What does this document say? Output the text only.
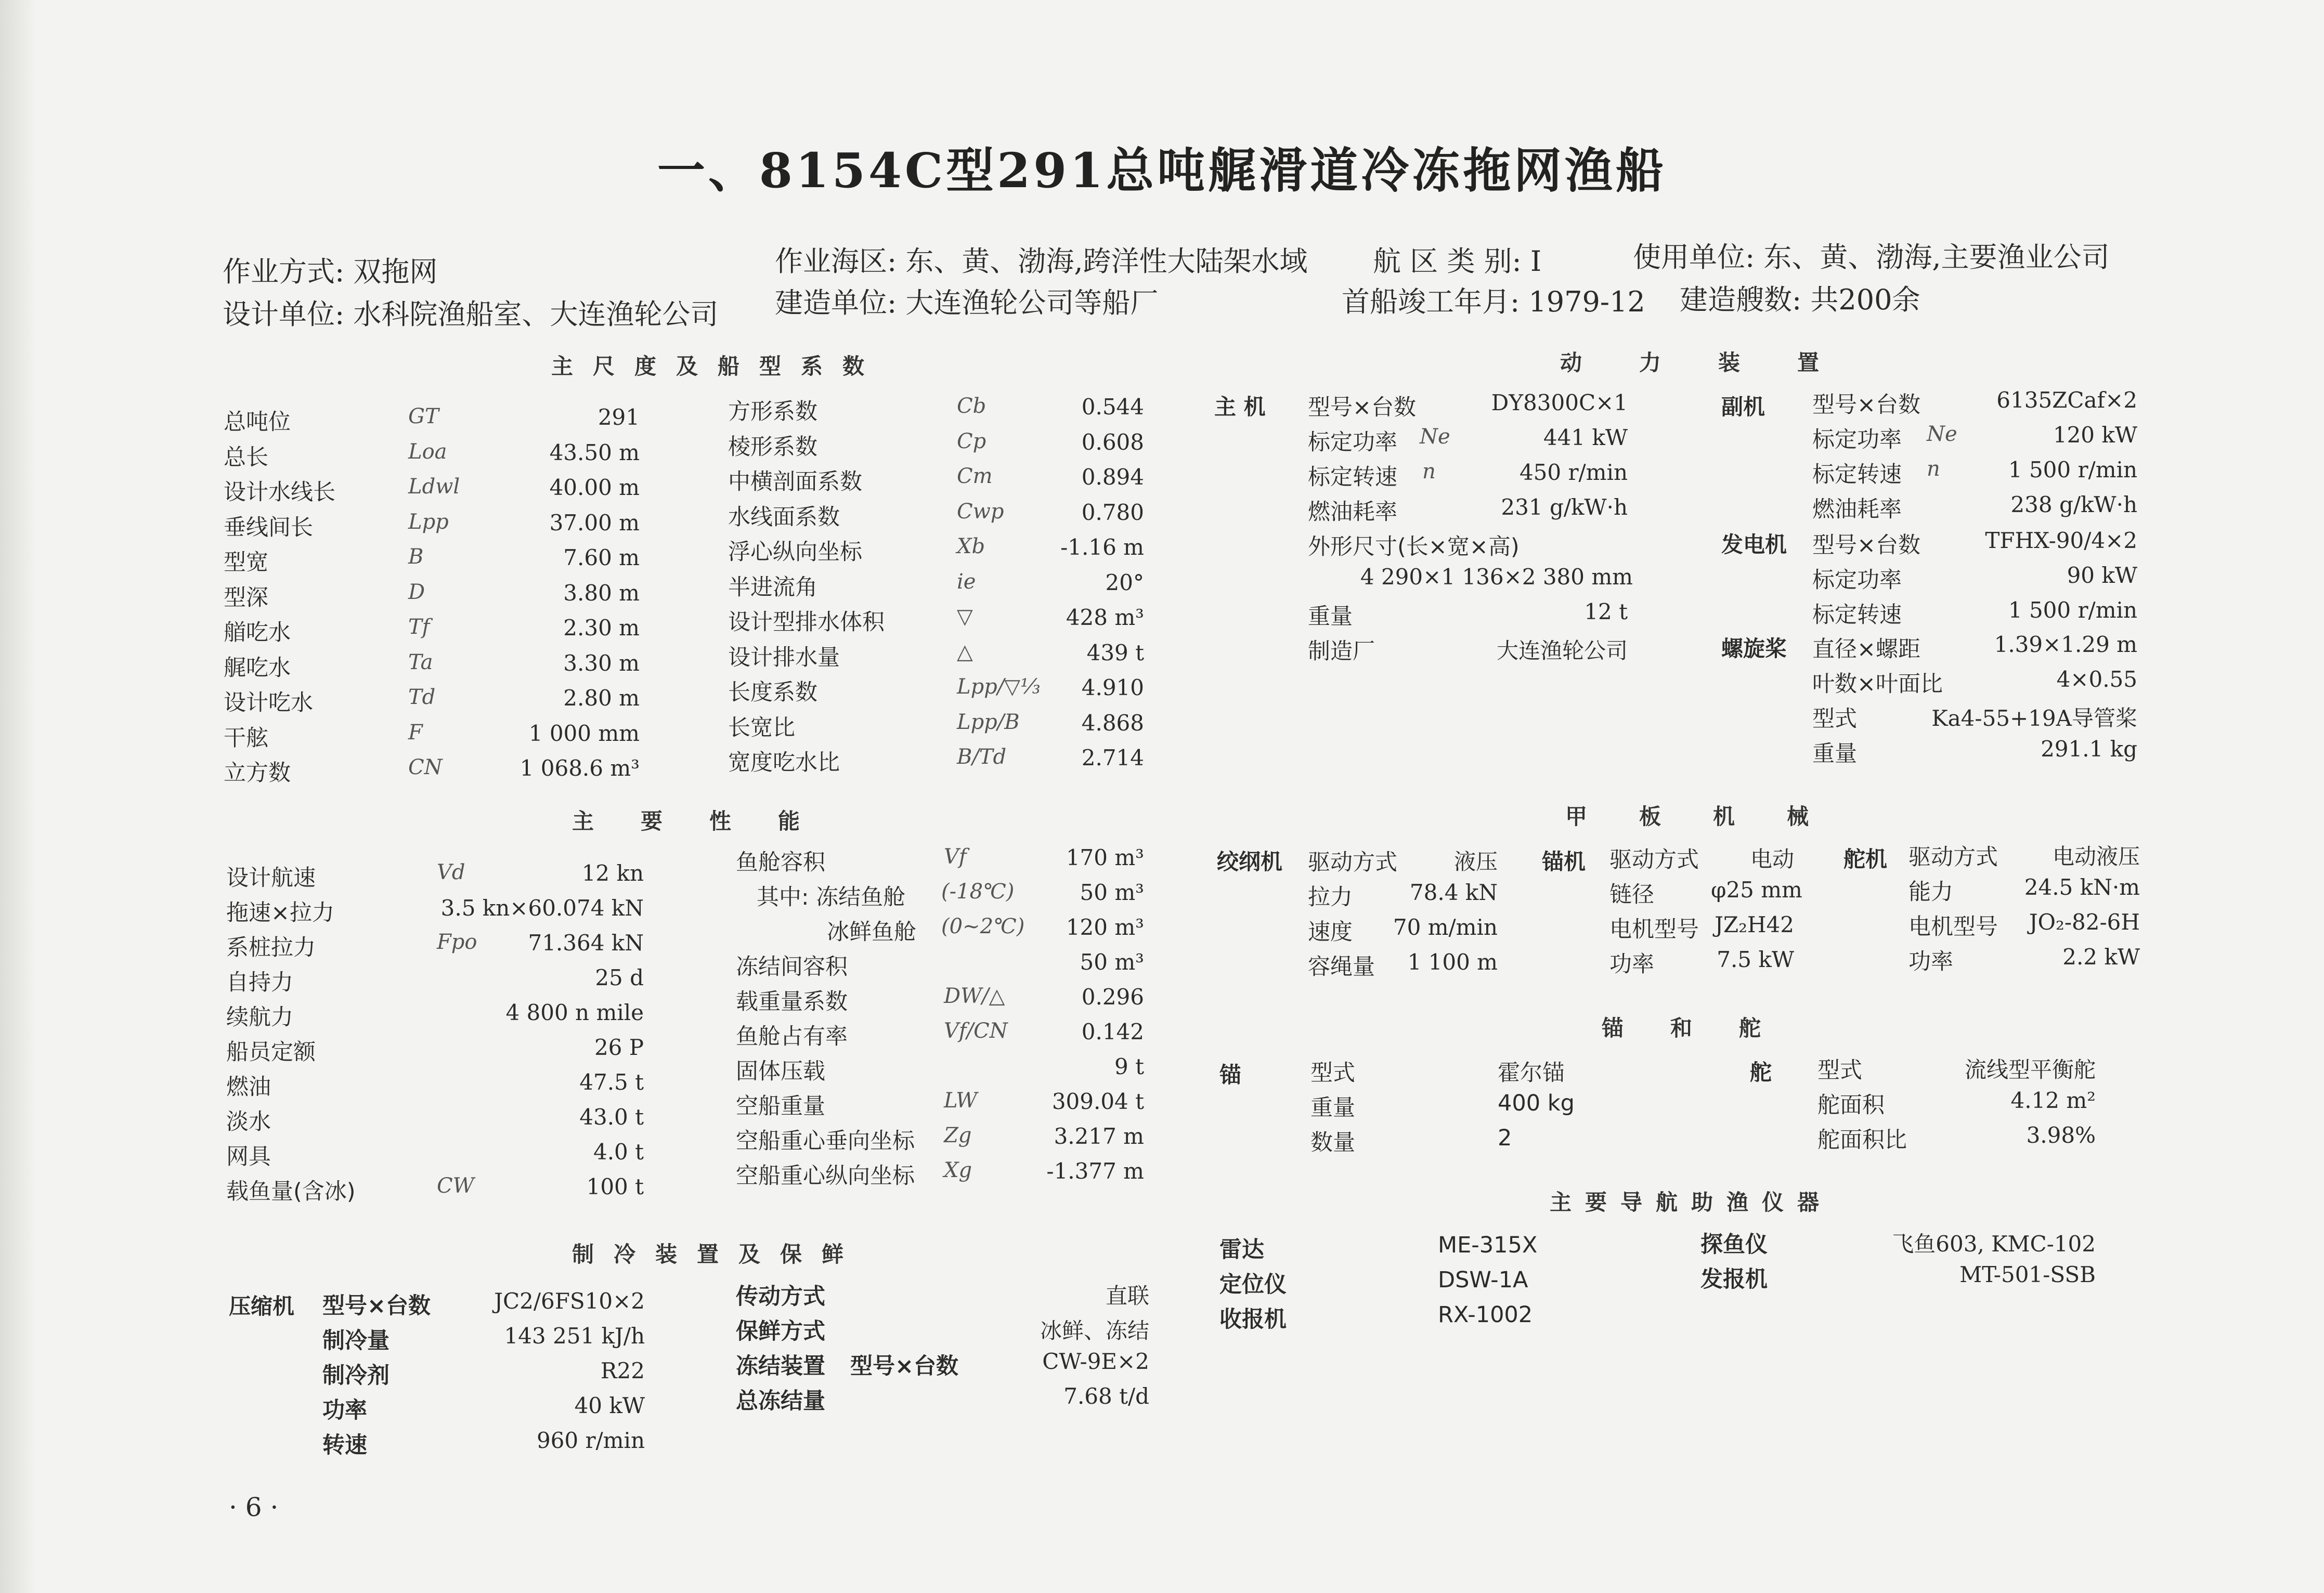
一、8154C型291总吨艉滑道冷冻拖网渔船
作业方式: 双拖网	作业海区: 东、黄、渤海,跨洋性大陆架水域 航 区 类 别: Ⅰ	使用单位: 东、黄、渤海,主要渔业公司
设计单位: 水科院渔船室、大连渔轮公司 建造单位: 大连渔轮公司等船厂	首船竣工年月: 1979-12 建造艘数: 共200余
主尺度及船型系数
主要性能
制冷装置及保鲜
动力装置
甲板机械
锚和舵
主要导航助渔仪器
总吨位	GT	291
总长	Loa	43.50 m
设计水线长	Ldwl	40.00 m
垂线间长	Lpp	37.00 m
型宽	B	7.60 m
型深	D	3.80 m
艏吃水	Tf	2.30 m
艉吃水	Ta	3.30 m
设计吃水	Td	2.80 m
干舷	F	1 000 mm
立方数	CN	1 068.6 m³
方形系数	Cb	0.544
棱形系数	Cp	0.608
中横剖面系数	Cm	0.894
水线面系数	Cwp	0.780
浮心纵向坐标	Xb	-1.16 m
半进流角	ie	20°
设计型排水体积	▽	428 m³
设计排水量	△	439 t
长度系数	Lpp/▽⅓	4.910
长宽比	Lpp/B	4.868
宽度吃水比	B/Td	2.714
设计航速	Vd	12 kn
拖速×拉力	3.5 kn×60.074 kN
系桩拉力	Fpo	71.364 kN
自持力	25 d
续航力	4 800 n mile
船员定额	26 P
燃油	47.5 t
淡水	43.0 t
网具	4.0 t
载鱼量(含冰)	CW	100 t
鱼舱容积	Vf	170 m³
其中: 冻结鱼舱 (-18℃)	50 m³
冰鲜鱼舱 (0~2℃)	120 m³
冻结间容积	50 m³
载重量系数	DW/△	0.296
鱼舱占有率	Vf/CN	0.142
固体压载	9 t
空船重量	LW	309.04 t
空船重心垂向坐标 Zg	3.217 m
空船重心纵向坐标 Xg	-1.377 m
压缩机 型号×台数	JC2/6FS10×2
制冷量	143 251 kJ/h
制冷剂	R22
功率	40 kW
转速	960 r/min
传动方式	直联
保鲜方式	冰鲜、冻结
冻结装置 型号×台数	CW-9E×2
总冻结量	7.68 t/d
主 机 型号×台数	DY8300C×1
标定功率 Ne	441 kW
标定转速 n	450 r/min
燃油耗率	231 g/kW·h
外形尺寸(长×宽×高)
4 290×1 136×2 380 mm
重量	12 t
制造厂	大连渔轮公司
副机 型号×台数	6135ZCaf×2
标定功率 Ne	120 kW
标定转速 n	1 500 r/min
燃油耗率	238 g/kW·h
发电机 型号×台数	TFHX-90/4×2
标定功率	90 kW
标定转速	1 500 r/min
螺旋桨 直径×螺距	1.39×1.29 m
叶数×叶面比	4×0.55
型式	Ka4-55+19A导管桨
重量	291.1 kg
绞纲机 驱动方式	液压
拉力	78.4 kN
速度	70 m/min
容绳量	1 100 m
锚机 驱动方式	电动
链径	φ25 mm
电机型号 JZ₂H42
功率	7.5 kW
舵机 驱动方式	电动液压
能力	24.5 kN·m
电机型号	JO₂-82-6H
功率	2.2 kW
锚	型式	霍尔锚
重量	400 kg
数量	2
舵 型式	流线型平衡舵
舵面积	4.12 m²
舵面积比	3.98%
雷达	ME-315X
定位仪	DSW-1A
收报机	RX-1002
探鱼仪	飞鱼603, KMC-102
发报机	MT-501-SSB
· 6 ·
